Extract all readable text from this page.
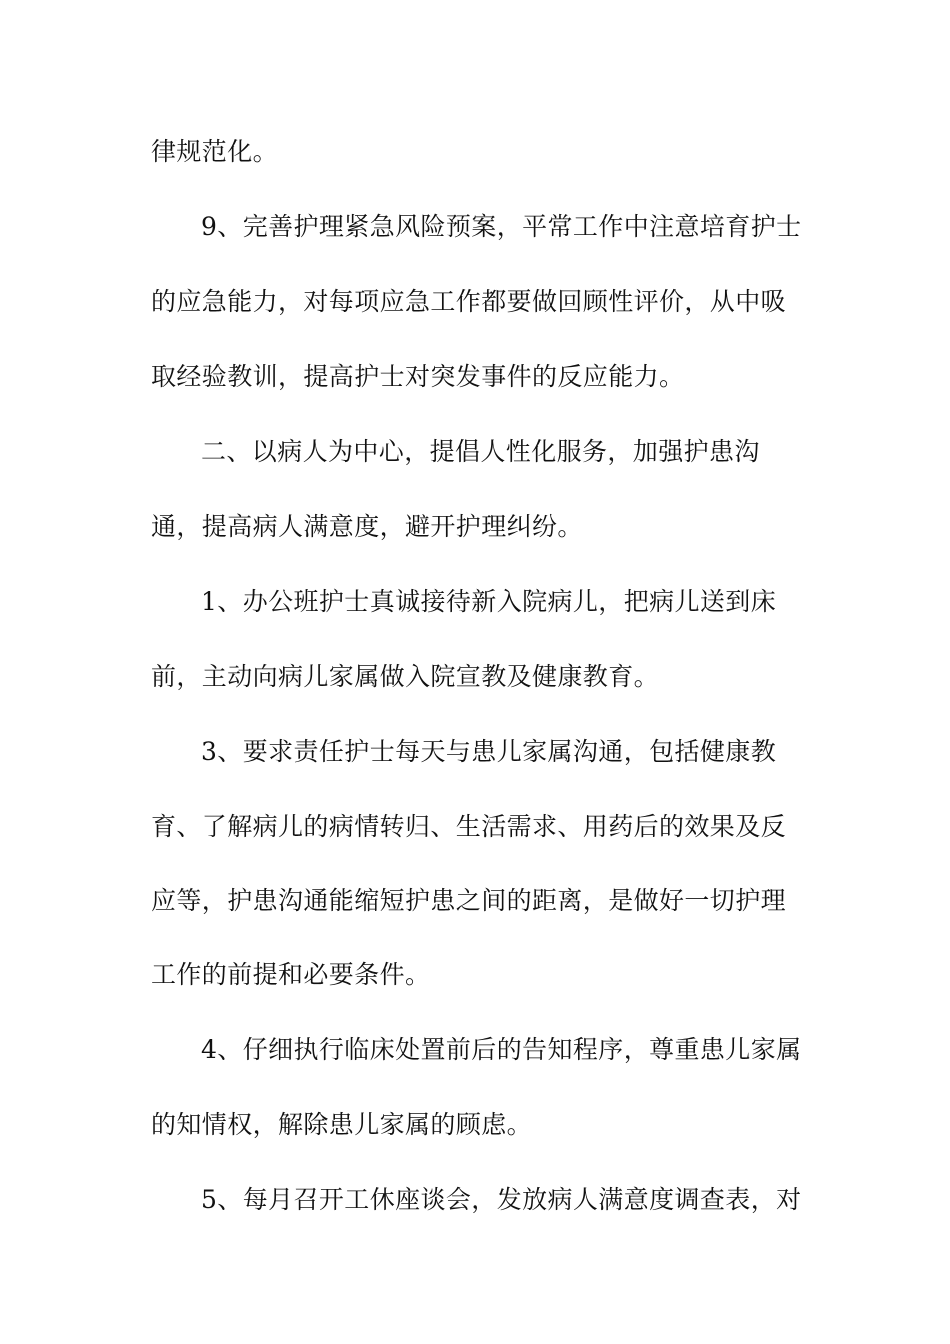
律规范化。
9、完善护理紧急风险预案，平常工作中注意培育护士
的应急能力，对每项应急工作都要做回顾性评价，从中吸
取经验教训，提高护士对突发事件的反应能力。
二、以病人为中心，提倡人性化服务，加强护患沟
通，提高病人满意度，避开护理纠纷。
1、办公班护士真诚接待新入院病儿，把病儿送到床
前，主动向病儿家属做入院宣教及健康教育。
3、要求责任护士每天与患儿家属沟通，包括健康教
育、了解病儿的病情转归、生活需求、用药后的效果及反
应等，护患沟通能缩短护患之间的距离，是做好一切护理
工作的前提和必要条件。
4、仔细执行临床处置前后的告知程序，尊重患儿家属
的知情权，解除患儿家属的顾虑。
5、每月召开工休座谈会，发放病人满意度调查表，对
